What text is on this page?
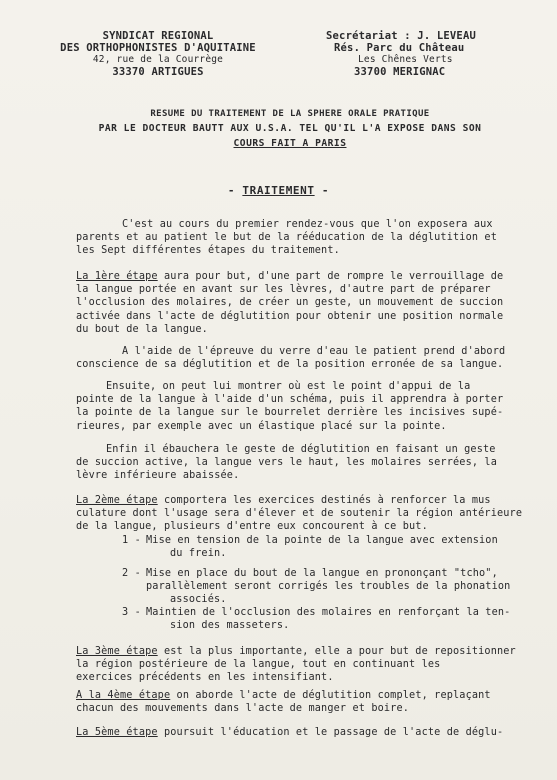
SYNDICAT REGIONAL
DES ORTHOPHONISTES D'AQUITAINE
42, rue de la Courrège
33370 ARTIGUES
Secrétariat : J. LEVEAU
Rés. Parc du Château
Les Chênes Verts
33700 MERIGNAC
RESUME DU TRAITEMENT DE LA SPHERE ORALE PRATIQUE
PAR LE DOCTEUR BAUTT AUX U.S.A. TEL QU'IL L'A EXPOSE DANS SON
COURS FAIT A PARIS
- TRAITEMENT -
C'est au cours du premier rendez-vous que l'on exposera aux
parents et au patient le but de la rééducation de la déglutition et
les Sept différentes étapes du traitement.
La 1ère étape aura pour but, d'une part de rompre le verrouillage de
la langue portée en avant sur les lèvres, d'autre part de préparer
l'occlusion des molaires, de créer un geste, un mouvement de succion
activée dans l'acte de déglutition pour obtenir une position normale
du bout de la langue.
A l'aide de l'épreuve du verre d'eau le patient prend d'abord
conscience de sa déglutition et de la position erronée de sa langue.
Ensuite, on peut lui montrer où est le point d'appui de la
pointe de la langue à l'aide d'un schéma, puis il apprendra à porter
la pointe de la langue sur le bourrelet derrière les incisives supé-
rieures, par exemple avec un élastique placé sur la pointe.
Enfin il ébauchera le geste de déglutition en faisant un geste
de succion active, la langue vers le haut, les molaires serrées, la
lèvre inférieure abaissée.
La 2ème étape comportera les exercices destinés à renforcer la mus
culature dont l'usage sera d'élever et de soutenir la région antérieure
de la langue, plusieurs d'entre eux concourent à ce but.
1 - Mise en tension de la pointe de la langue avec extension
du frein.
2 - Mise en place du bout de la langue en prononçant "tcho",
parallèlement seront corrigés les troubles de la phonation
associés.
3 - Maintien de l'occlusion des molaires en renforçant la ten-
sion des masseters.
La 3ème étape est la plus importante, elle a pour but de repositionner
la région postérieure de la langue, tout en continuant les
exercices précédents en les intensifiant.
A la 4ème étape on aborde l'acte de déglutition complet, replaçant
chacun des mouvements dans l'acte de manger et boire.
La 5ème étape poursuit l'éducation et le passage de l'acte de déglu-
